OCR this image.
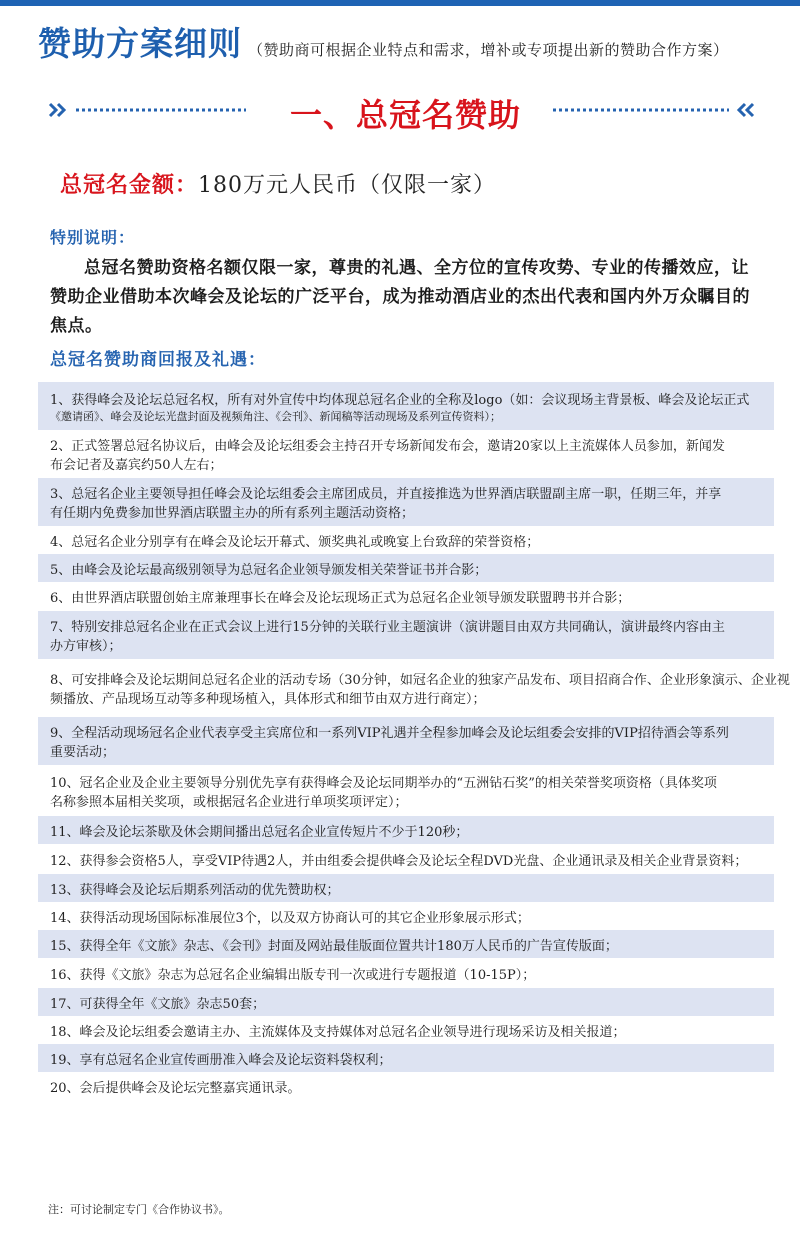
赞助方案细则 （赞助商可根据企业特点和需求，增补或专项提出新的赞助合作方案）
一、总冠名赞助
总冠名金额：180万元人民币（仅限一家）
特别说明：
总冠名赞助资格名额仅限一家，尊贵的礼遇、全方位的宣传攻势、专业的传播效应，让赞助企业借助本次峰会及论坛的广泛平台，成为推动酒店业的杰出代表和国内外万众瞩目的焦点。
总冠名赞助商回报及礼遇：
1、获得峰会及论坛总冠名权，所有对外宣传中均体现总冠名企业的全称及logo（如：会议现场主背景板、峰会及论坛正式
《邀请函》、峰会及论坛光盘封面及视频角注、《会刊》、新闻稿等活动现场及系列宣传资料）；
2、正式签署总冠名协议后，由峰会及论坛组委会主持召开专场新闻发布会，邀请20家以上主流媒体人员参加，新闻发
布会记者及嘉宾约50人左右；
3、总冠名企业主要领导担任峰会及论坛组委会主席团成员，并直接推选为世界酒店联盟副主席一职，任期三年，并享
有任期内免费参加世界酒店联盟主办的所有系列主题活动资格；
4、总冠名企业分别享有在峰会及论坛开幕式、颁奖典礼或晚宴上台致辞的荣誉资格；
5、由峰会及论坛最高级别领导为总冠名企业领导颁发相关荣誉证书并合影；
6、由世界酒店联盟创始主席兼理事长在峰会及论坛现场正式为总冠名企业领导颁发联盟聘书并合影；
7、特别安排总冠名企业在正式会议上进行15分钟的关联行业主题演讲（演讲题目由双方共同确认，演讲最终内容由主
办方审核）；
8、可安排峰会及论坛期间总冠名企业的活动专场（30分钟，如冠名企业的独家产品发布、项目招商合作、企业形象演示、企业视
频播放、产品现场互动等多种现场植入，具体形式和细节由双方进行商定）；
9、全程活动现场冠名企业代表享受主宾席位和一系列VIP礼遇并全程参加峰会及论坛组委会安排的VIP招待酒会等系列
重要活动；
10、冠名企业及企业主要领导分别优先享有获得峰会及论坛同期举办的“五洲钻石奖”的相关荣誉奖项资格（具体奖项
名称参照本届相关奖项，或根据冠名企业进行单项奖项评定）；
11、峰会及论坛茶歇及休会期间播出总冠名企业宣传短片不少于120秒；
12、获得参会资格5人，享受VIP待遇2人，并由组委会提供峰会及论坛全程DVD光盘、企业通讯录及相关企业背景资料；
13、获得峰会及论坛后期系列活动的优先赞助权；
14、获得活动现场国际标准展位3个，以及双方协商认可的其它企业形象展示形式；
15、获得全年《文旅》杂志、《会刊》封面及网站最佳版面位置共计180万人民币的广告宣传版面；
16、获得《文旅》杂志为总冠名企业编辑出版专刊一次或进行专题报道（10-15P）；
17、可获得全年《文旅》杂志50套；
18、峰会及论坛组委会邀请主办、主流媒体及支持媒体对总冠名企业领导进行现场采访及相关报道；
19、享有总冠名企业宣传画册准入峰会及论坛资料袋权利；
20、会后提供峰会及论坛完整嘉宾通讯录。
注：可讨论制定专门《合作协议书》。
